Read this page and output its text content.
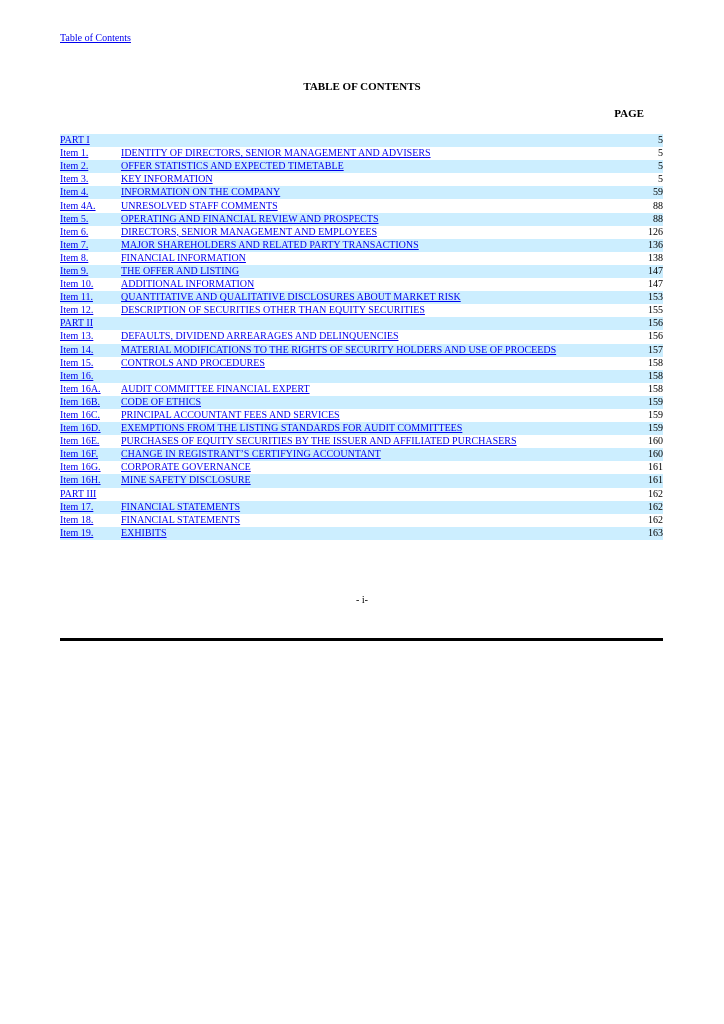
Table of Contents
TABLE OF CONTENTS
PAGE
PART I		5
Item 1.	IDENTITY OF DIRECTORS, SENIOR MANAGEMENT AND ADVISERS	5
Item 2.	OFFER STATISTICS AND EXPECTED TIMETABLE	5
Item 3.	KEY INFORMATION	5
Item 4.	INFORMATION ON THE COMPANY	59
Item 4A.	UNRESOLVED STAFF COMMENTS	88
Item 5.	OPERATING AND FINANCIAL REVIEW AND PROSPECTS	88
Item 6.	DIRECTORS, SENIOR MANAGEMENT AND EMPLOYEES	126
Item 7.	MAJOR SHAREHOLDERS AND RELATED PARTY TRANSACTIONS	136
Item 8.	FINANCIAL INFORMATION	138
Item 9.	THE OFFER AND LISTING	147
Item 10.	ADDITIONAL INFORMATION	147
Item 11.	QUANTITATIVE AND QUALITATIVE DISCLOSURES ABOUT MARKET RISK	153
Item 12.	DESCRIPTION OF SECURITIES OTHER THAN EQUITY SECURITIES	155
PART II		156
Item 13.	DEFAULTS, DIVIDEND ARREARAGES AND DELINQUENCIES	156
Item 14.	MATERIAL MODIFICATIONS TO THE RIGHTS OF SECURITY HOLDERS AND USE OF PROCEEDS	157
Item 15.	CONTROLS AND PROCEDURES	158
Item 16.		158
Item 16A.	AUDIT COMMITTEE FINANCIAL EXPERT	158
Item 16B.	CODE OF ETHICS	159
Item 16C.	PRINCIPAL ACCOUNTANT FEES AND SERVICES	159
Item 16D.	EXEMPTIONS FROM THE LISTING STANDARDS FOR AUDIT COMMITTEES	159
Item 16E.	PURCHASES OF EQUITY SECURITIES BY THE ISSUER AND AFFILIATED PURCHASERS	160
Item 16F.	CHANGE IN REGISTRANT’S CERTIFYING ACCOUNTANT	160
Item 16G.	CORPORATE GOVERNANCE	161
Item 16H.	MINE SAFETY DISCLOSURE	161
PART III		162
Item 17.	FINANCIAL STATEMENTS	162
Item 18.	FINANCIAL STATEMENTS	162
Item 19.	EXHIBITS	163
- i-
